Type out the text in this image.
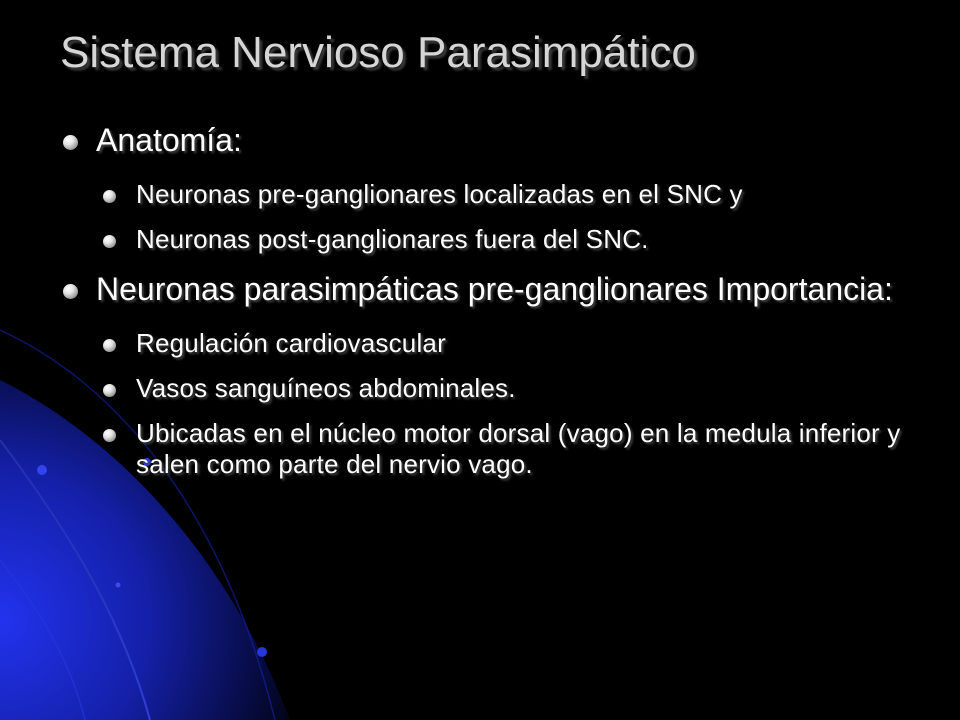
Sistema Nervioso Parasimpático
Anatomía:
Neuronas pre-ganglionares localizadas en el SNC y
Neuronas post-ganglionares fuera del SNC.
Neuronas parasimpáticas pre-ganglionares Importancia:
Regulación cardiovascular
Vasos sanguíneos abdominales.
Ubicadas en el núcleo motor dorsal (vago) en la medula inferior y salen como parte del nervio vago.
